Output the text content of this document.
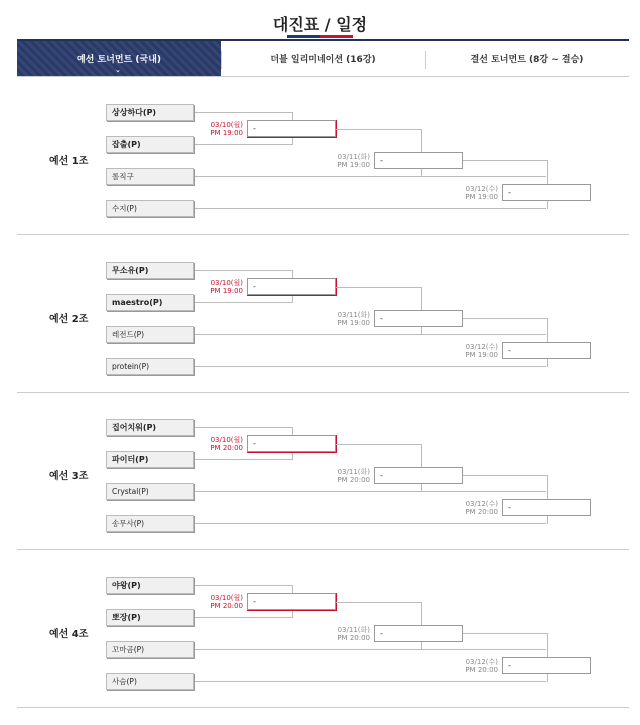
대진표 / 일정
예선 토너먼트 (국내)
⌄
더블 일리미네이션 (16강)	결선 토너먼트 (8강 ~ 결승)
예선 1조
상상하다(P)
잡출(P)
롤직구
수지(P)
-
03/10(월)
PM 19:00
-
03/11(화)
PM 19:00
-
03/12(수)
PM 19:00
예선 2조
무소유(P)
maestro(P)
레전드(P)
protein(P)
-
03/10(월)
PM 19:00
-
03/11(화)
PM 19:00
-
03/12(수)
PM 19:00
예선 3조
집어치워(P)
파이터(P)
Crystal(P)
송무사(P)
-
03/10(월)
PM 20:00
-
03/11(화)
PM 20:00
-
03/12(수)
PM 20:00
예선 4조
야왕(P)
뽀장(P)
꼬마곰(P)
사슴(P)
-
03/10(월)
PM 20:00
-
03/11(화)
PM 20:00
-
03/12(수)
PM 20:00
